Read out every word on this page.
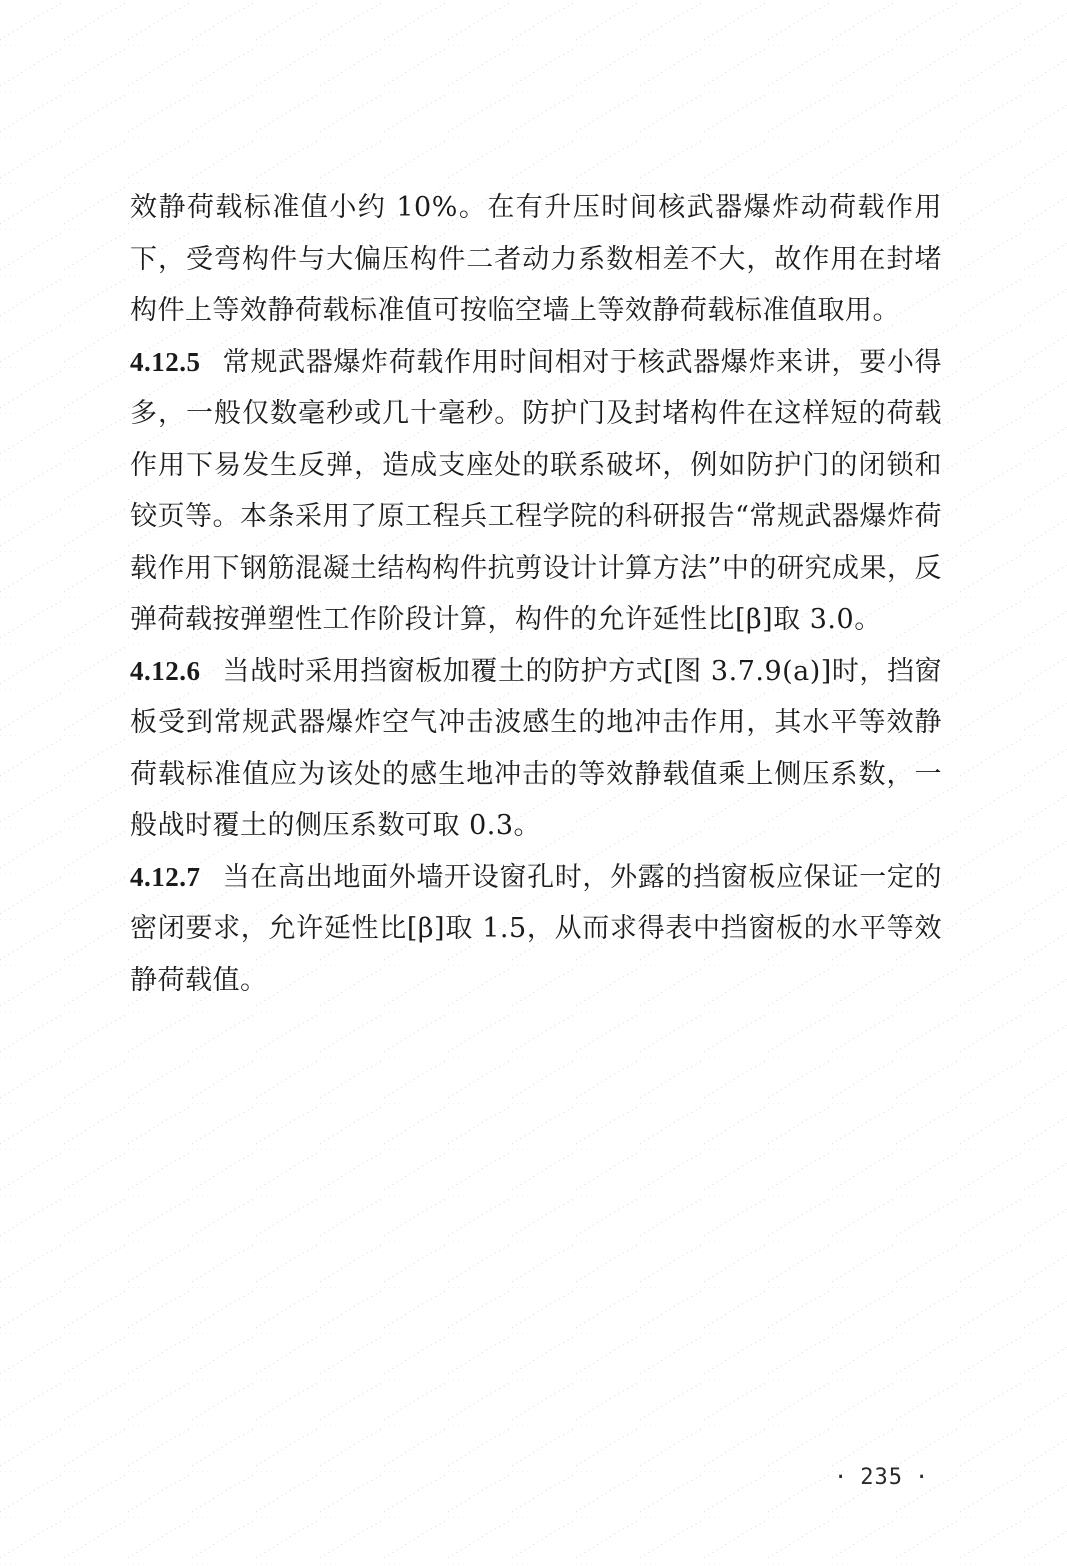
效静荷载标准值小约 10%。在有升压时间核武器爆炸动荷载作用下，受弯构件与大偏压构件二者动力系数相差不大，故作用在封堵构件上等效静荷载标准值可按临空墙上等效静荷载标准值取用。

4.12.5 常规武器爆炸荷载作用时间相对于核武器爆炸来讲，要小得多，一般仅数毫秒或几十毫秒。防护门及封堵构件在这样短的荷载作用下易发生反弹，造成支座处的联系破坏，例如防护门的闭锁和铰页等。本条采用了原工程兵工程学院的科研报告“常规武器爆炸荷载作用下钢筋混凝土结构构件抗剪设计计算方法”中的研究成果，反弹荷载按弹塑性工作阶段计算，构件的允许延性比[β]取 3.0。

4.12.6 当战时采用挡窗板加覆土的防护方式[图 3.7.9(a)]时，挡窗板受到常规武器爆炸空气冲击波感生的地冲击作用，其水平等效静荷载标准值应为该处的感生地冲击的等效静载值乘上侧压系数，一般战时覆土的侧压系数可取 0.3。

4.12.7 当在高出地面外墙开设窗孔时，外露的挡窗板应保证一定的密闭要求，允许延性比[β]取 1.5，从而求得表中挡窗板的水平等效静荷载值。

· 235 ·
